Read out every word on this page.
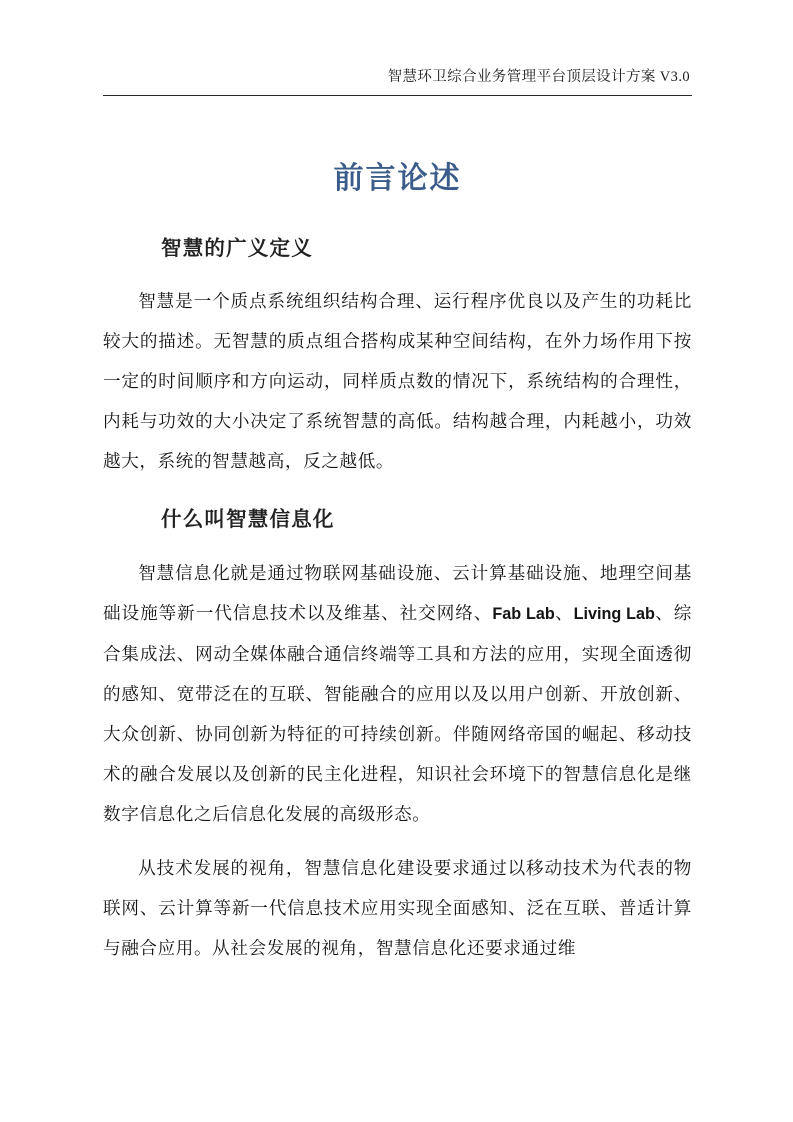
智慧环卫综合业务管理平台顶层设计方案 V3.0
前言论述
智慧的广义定义

智慧是一个质点系统组织结构合理、运行程序优良以及产生的功耗比较大的描述。无智慧的质点组合搭构成某种空间结构，在外力场作用下按一定的时间顺序和方向运动，同样质点数的情况下，系统结构的合理性，内耗与功效的大小决定了系统智慧的高低。结构越合理，内耗越小，功效越大，系统的智慧越高，反之越低。

什么叫智慧信息化

智慧信息化就是通过物联网基础设施、云计算基础设施、地理空间基础设施等新一代信息技术以及维基、社交网络、Fab Lab、Living Lab、综合集成法、网动全媒体融合通信终端等工具和方法的应用，实现全面透彻的感知、宽带泛在的互联、智能融合的应用以及以用户创新、开放创新、大众创新、协同创新为特征的可持续创新。伴随网络帝国的崛起、移动技术的融合发展以及创新的民主化进程，知识社会环境下的智慧信息化是继数字信息化之后信息化发展的高级形态。

从技术发展的视角，智慧信息化建设要求通过以移动技术为代表的物联网、云计算等新一代信息技术应用实现全面感知、泛在互联、普适计算与融合应用。从社会发展的视角，智慧信息化还要求通过维
